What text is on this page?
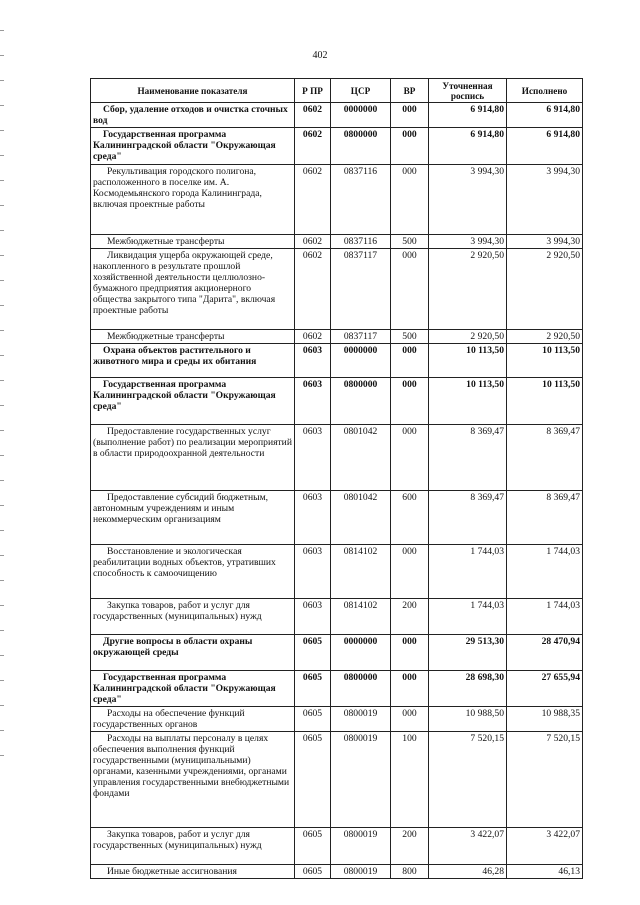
402
Наименование показателя	Р ПР	ЦСР	ВР	Уточненная роспись	Исполнено
Сбор, удаление отходов и очистка сточных вод	0602	0000000	000	6 914,80	6 914,80
Государственная программа Калининградской области "Окружающая среда"	0602	0800000	000	6 914,80	6 914,80
Рекультивация городского полигона, расположенного в поселке им. А. Космодемьянского города Калининграда, включая проектные работы	0602	0837116	000	3 994,30	3 994,30
Межбюджетные трансферты	0602	0837116	500	3 994,30	3 994,30
Ликвидация ущерба окружающей среде, накопленного в результате прошлой хозяйственной деятельности целлюлозно-бумажного предприятия акционерного общества закрытого типа "Дарита", включая проектные работы	0602	0837117	000	2 920,50	2 920,50
Межбюджетные трансферты	0602	0837117	500	2 920,50	2 920,50
Охрана объектов растительного и животного мира и среды их обитания	0603	0000000	000	10 113,50	10 113,50
Государственная программа Калининградской области "Окружающая среда"	0603	0800000	000	10 113,50	10 113,50
Предоставление государственных услуг (выполнение работ) по реализации мероприятий в области природоохранной деятельности	0603	0801042	000	8 369,47	8 369,47
Предоставление субсидий бюджетным, автономным учреждениям и иным некоммерческим организациям	0603	0801042	600	8 369,47	8 369,47
Восстановление и экологическая реабилитации водных объектов, утративших способность к самоочищению	0603	0814102	000	1 744,03	1 744,03
Закупка товаров, работ и услуг для государственных (муниципальных) нужд	0603	0814102	200	1 744,03	1 744,03
Другие вопросы в области охраны окружающей среды	0605	0000000	000	29 513,30	28 470,94
Государственная программа Калининградской области "Окружающая среда"	0605	0800000	000	28 698,30	27 655,94
Расходы на обеспечение функций государственных органов	0605	0800019	000	10 988,50	10 988,35
Расходы на выплаты персоналу в целях обеспечения выполнения функций государственными (муниципальными) органами, казенными учреждениями, органами управления государственными внебюджетными фондами	0605	0800019	100	7 520,15	7 520,15
Закупка товаров, работ и услуг для государственных (муниципальных) нужд	0605	0800019	200	3 422,07	3 422,07
Иные бюджетные ассигнования	0605	0800019	800	46,28	46,13
